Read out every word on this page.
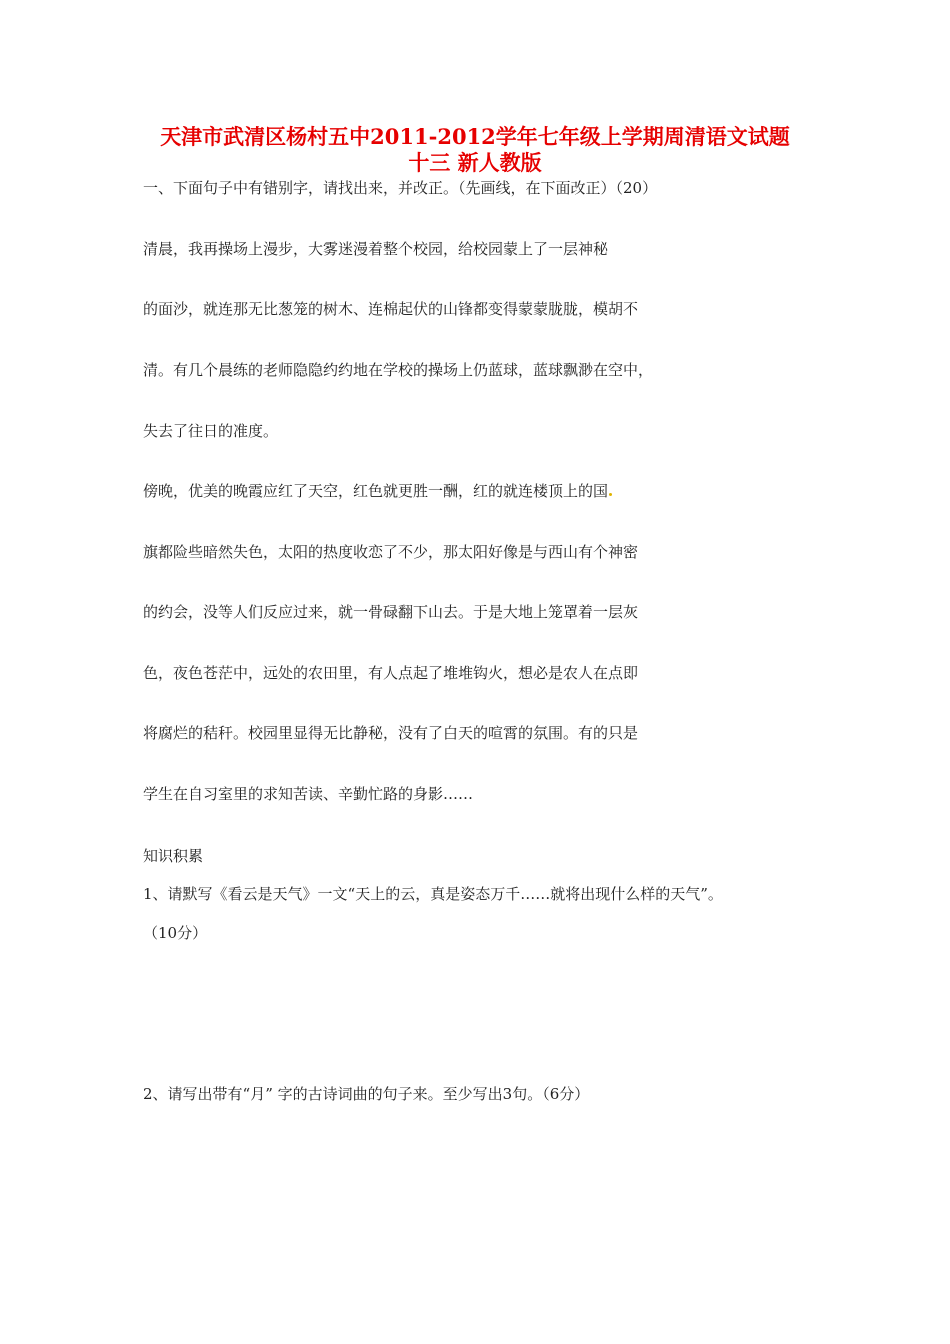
天津市武清区杨村五中2011-2012学年七年级上学期周清语文试题
十三 新人教版

一、下面句子中有错别字，请找出来，并改正。（先画线，在下面改正）（20）

清晨，我再操场上漫步，大雾迷漫着整个校园，给校园蒙上了一层神秘

的面沙，就连那无比葱笼的树木、连棉起伏的山锋都变得蒙蒙胧胧，模胡不

清。有几个晨练的老师隐隐约约地在学校的操场上仍蓝球，蓝球飘渺在空中，

失去了往日的准度。

傍晚，优美的晚霞应红了天空，红色就更胜一酬，红的就连楼顶上的国

旗都险些暗然失色，太阳的热度收恋了不少，那太阳好像是与西山有个神密

的约会，没等人们反应过来，就一骨碌翻下山去。于是大地上笼罩着一层灰

色，夜色苍茫中，远处的农田里，有人点起了堆堆钩火，想必是农人在点即

将腐烂的秸秆。校园里显得无比静秘，没有了白天的喧霄的氛围。有的只是

学生在自习室里的求知苦读、辛勤忙路的身影……

知识积累

1、请默写《看云是天气》一文“天上的云，真是姿态万千……就将出现什么样的天气”。

（10分）

2、请写出带有“月” 字的古诗词曲的句子来。至少写出3句。（6分）
